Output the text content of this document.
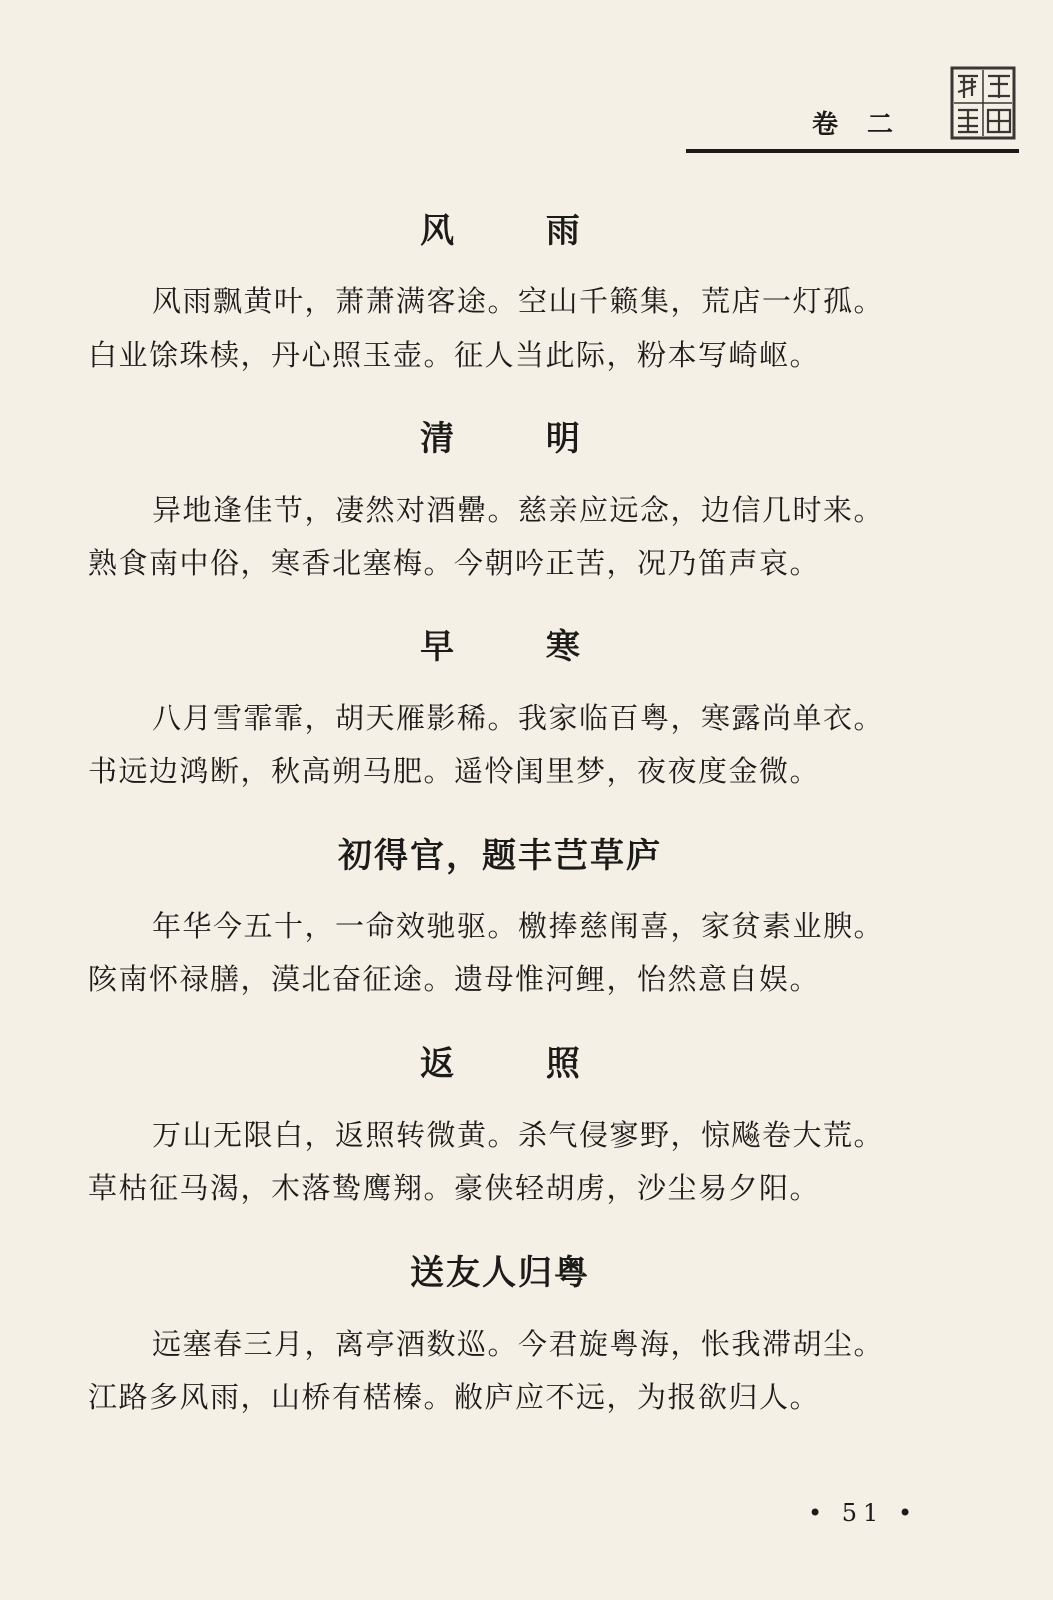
卷 二
风 雨
风雨飘黄叶，萧萧满客途。空山千籁集，荒店一灯孤。
白业馀珠椟，丹心照玉壶。征人当此际，粉本写崎岖。
清 明
异地逢佳节，凄然对酒罍。慈亲应远念，边信几时来。
熟食南中俗，寒香北塞梅。今朝吟正苦，况乃笛声哀。
早 寒
八月雪霏霏，胡天雁影稀。我家临百粤，寒露尚单衣。
书远边鸿断，秋高朔马肥。遥怜闺里梦，夜夜度金微。
初得官，题丰芑草庐
年华今五十，一命效驰驱。檄捧慈闱喜，家贫素业腴。
陔南怀禄膳，漠北奋征途。遗母惟河鲤，怡然意自娱。
返 照
万山无限白，返照转微黄。杀气侵寥野，惊飚卷大荒。
草枯征马渴，木落鸷鹰翔。豪侠轻胡虏，沙尘易夕阳。
送友人归粤
远塞春三月，离亭酒数巡。今君旋粤海，怅我滞胡尘。
江路多风雨，山桥有楛榛。敝庐应不远，为报欲归人。
• 51 •
